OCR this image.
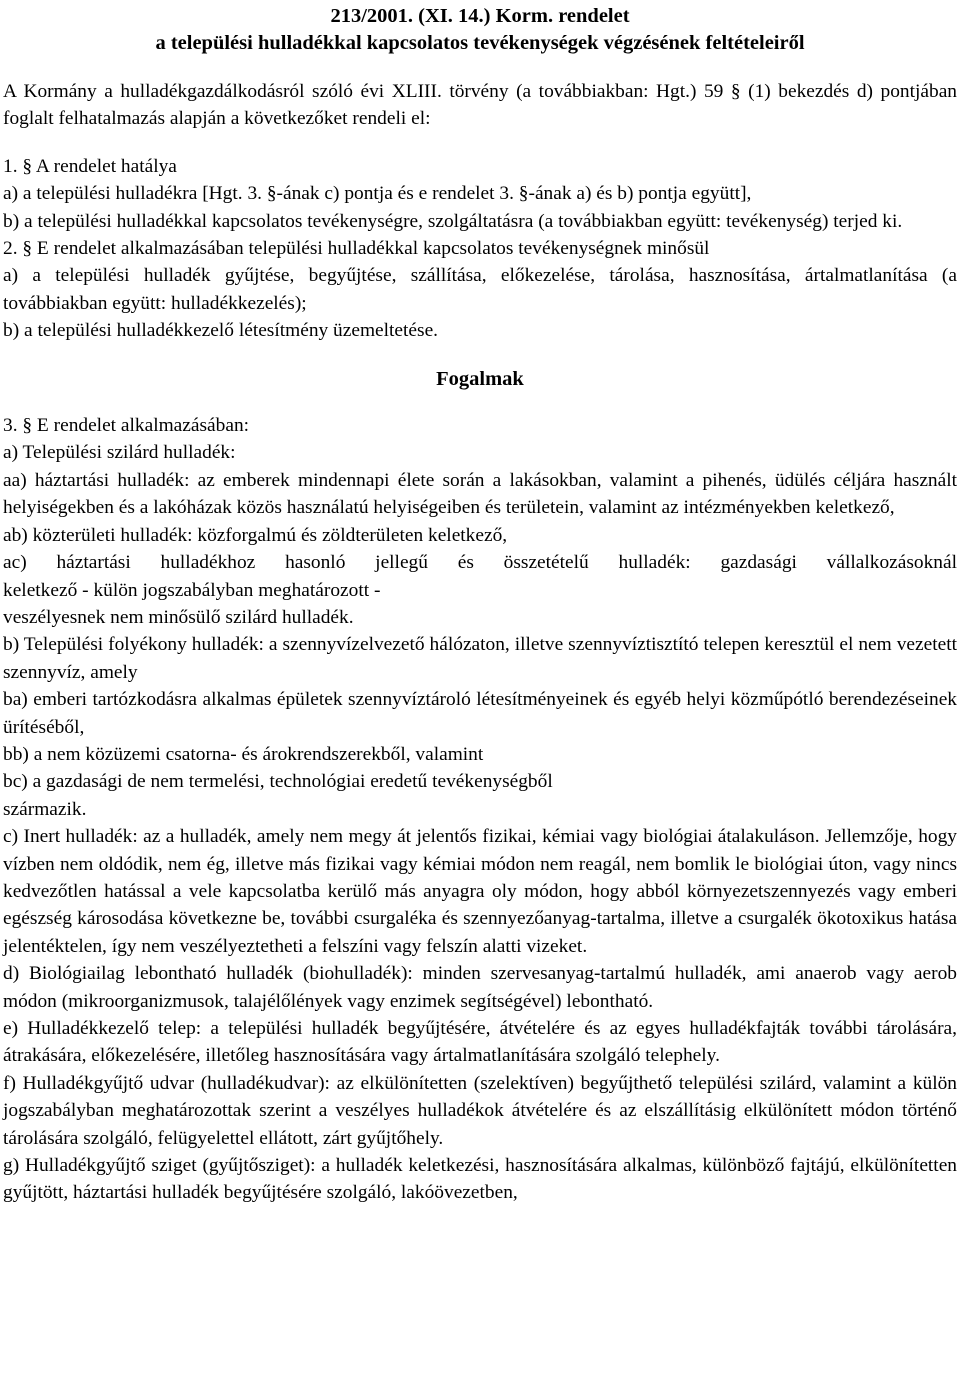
213/2001. (XI. 14.) Korm. rendelet

a települési hulladékkal kapcsolatos tevékenységek végzésének feltételeiről

A Kormány a hulladékgazdálkodásról szóló évi XLIII. törvény (a továbbiakban: Hgt.) 59 § (1) bekezdés d) pontjában foglalt felhatalmazás alapján a következőket rendeli el:

1. § A rendelet hatálya

a) a települési hulladékra [Hgt. 3. §-ának c) pontja és e rendelet 3. §-ának a) és b) pontja együtt],

b) a települési hulladékkal kapcsolatos tevékenységre, szolgáltatásra (a továbbiakban együtt: tevékenység) terjed ki.

2. § E rendelet alkalmazásában települési hulladékkal kapcsolatos tevékenységnek minősül

a) a települési hulladék gyűjtése, begyűjtése, szállítása, előkezelése, tárolása, hasznosítása, ártalmatlanítása (a továbbiakban együtt: hulladékkezelés);

b) a települési hulladékkezelő létesítmény üzemeltetése.

Fogalmak

3. § E rendelet alkalmazásában:

a) Települési szilárd hulladék:

aa) háztartási hulladék: az emberek mindennapi élete során a lakásokban, valamint a pihenés, üdülés céljára használt helyiségekben és a lakóházak közös használatú helyiségeiben és területein, valamint az intézményekben keletkező,

ab) közterületi hulladék: közforgalmú és zöldterületen keletkező,

ac) háztartási hulladékhoz hasonló jellegű és összetételű hulladék: gazdasági vállalkozásoknál

keletkező - külön jogszabályban meghatározott -

veszélyesnek nem minősülő szilárd hulladék.

b) Települési folyékony hulladék: a szennyvízelvezető hálózaton, illetve szennyvíztisztító telepen keresztül el nem vezetett szennyvíz, amely

ba) emberi tartózkodásra alkalmas épületek szennyvíztároló létesítményeinek és egyéb helyi közműpótló berendezéseinek ürítéséből,

bb) a nem közüzemi csatorna- és árokrendszerekből, valamint

bc) a gazdasági de nem termelési, technológiai eredetű tevékenységből

származik.

c) Inert hulladék: az a hulladék, amely nem megy át jelentős fizikai, kémiai vagy biológiai átalakuláson. Jellemzője, hogy vízben nem oldódik, nem ég, illetve más fizikai vagy kémiai módon nem reagál, nem bomlik le biológiai úton, vagy nincs kedvezőtlen hatással a vele kapcsolatba kerülő más anyagra oly módon, hogy abból környezetszennyezés vagy emberi egészség károsodása következne be, további csurgaléka és szennyezőanyag-tartalma, illetve a csurgalék ökotoxikus hatása jelentéktelen, így nem veszélyeztetheti a felszíni vagy felszín alatti vizeket.

d) Biológiailag lebontható hulladék (biohulladék): minden szervesanyag-tartalmú hulladék, ami anaerob vagy aerob módon (mikroorganizmusok, talajélőlények vagy enzimek segítségével) lebontható.

e) Hulladékkezelő telep: a települési hulladék begyűjtésére, átvételére és az egyes hulladékfajták további tárolására, átrakására, előkezelésére, illetőleg hasznosítására vagy ártalmatlanítására szolgáló telephely.

f) Hulladékgyűjtő udvar (hulladékudvar): az elkülönítetten (szelektíven) begyűjthető települési szilárd, valamint a külön jogszabályban meghatározottak szerint a veszélyes hulladékok átvételére és az elszállításig elkülönített módon történő tárolására szolgáló, felügyelettel ellátott, zárt gyűjtőhely.

g) Hulladékgyűjtő sziget (gyűjtősziget): a hulladék keletkezési, hasznosítására alkalmas, különböző fajtájú, elkülönítetten gyűjtött, háztartási hulladék begyűjtésére szolgáló, lakóövezetben,
